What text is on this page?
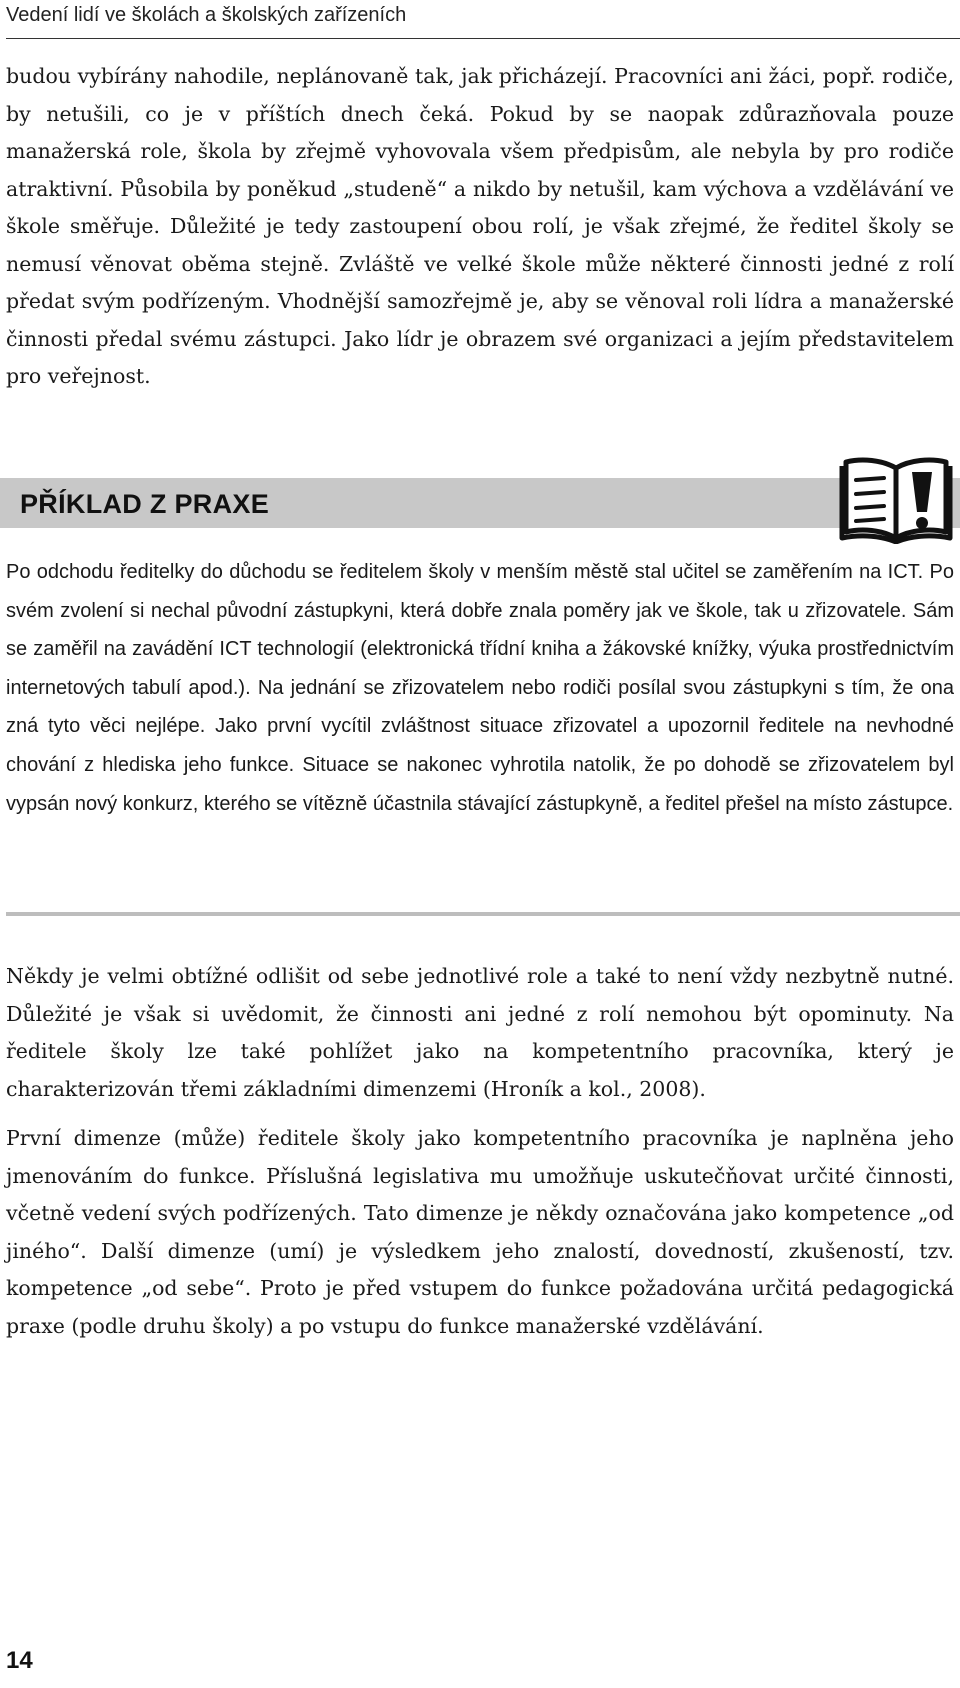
Vedení lidí ve školách a školských zařízeních

budou vybírány nahodile, neplánovaně tak, jak přicházejí. Pracovníci ani žáci, popř. rodiče, by netušili, co je v příštích dnech čeká. Pokud by se naopak zdůrazňovala pouze manažerská role, škola by zřejmě vyhovovala všem předpisům, ale nebyla by pro rodiče atraktivní. Působila by poněkud „studeně“ a nikdo by netušil, kam výchova a vzdělávání ve škole směřuje. Důležité je tedy zastoupení obou rolí, je však zřejmé, že ředitel školy se nemusí věnovat oběma stejně. Zvláště ve velké škole může některé činnosti jedné z rolí předat svým podřízeným. Vhodnější samozřejmě je, aby se věnoval roli lídra a manažerské činnosti předal svému zástupci. Jako lídr je obrazem své organizaci a jejím představitelem pro veřejnost.

PŘÍKLAD Z PRAXE

Po odchodu ředitelky do důchodu se ředitelem školy v menším městě stal učitel se zaměřením na ICT. Po svém zvolení si nechal původní zástupkyni, která dobře znala poměry jak ve škole, tak u zřizovatele. Sám se zaměřil na zavádění ICT technologií (elektronická třídní kniha a žákovské knížky, výuka prostřednictvím internetových tabulí apod.). Na jednání se zřizovatelem nebo rodiči posílal svou zástupkyni s tím, že ona zná tyto věci nejlépe. Jako první vycítil zvláštnost situace zřizovatel a upozornil ředitele na nevhodné chování z hlediska jeho funkce. Situace se nakonec vyhrotila natolik, že po dohodě se zřizovatelem byl vypsán nový konkurz, kterého se vítězně účastnila stávající zástupkyně, a ředitel přešel na místo zástupce.

Někdy je velmi obtížné odlišit od sebe jednotlivé role a také to není vždy nezbytně nutné. Důležité je však si uvědomit, že činnosti ani jedné z rolí nemohou být opominuty. Na ředitele školy lze také pohlížet jako na kompetentního pracovníka, který je charakterizován třemi základními dimenzemi (Hroník a kol., 2008).

První dimenze (může) ředitele školy jako kompetentního pracovníka je naplněna jeho jmenováním do funkce. Příslušná legislativa mu umožňuje uskutečňovat určité činnosti, včetně vedení svých podřízených. Tato dimenze je někdy označována jako kompetence „od jiného“. Další dimenze (umí) je výsledkem jeho znalostí, dovedností, zkušeností, tzv. kompetence „od sebe“. Proto je před vstupem do funkce požadována určitá pedagogická praxe (podle druhu školy) a po vstupu do funkce manažerské vzdělávání.

14
